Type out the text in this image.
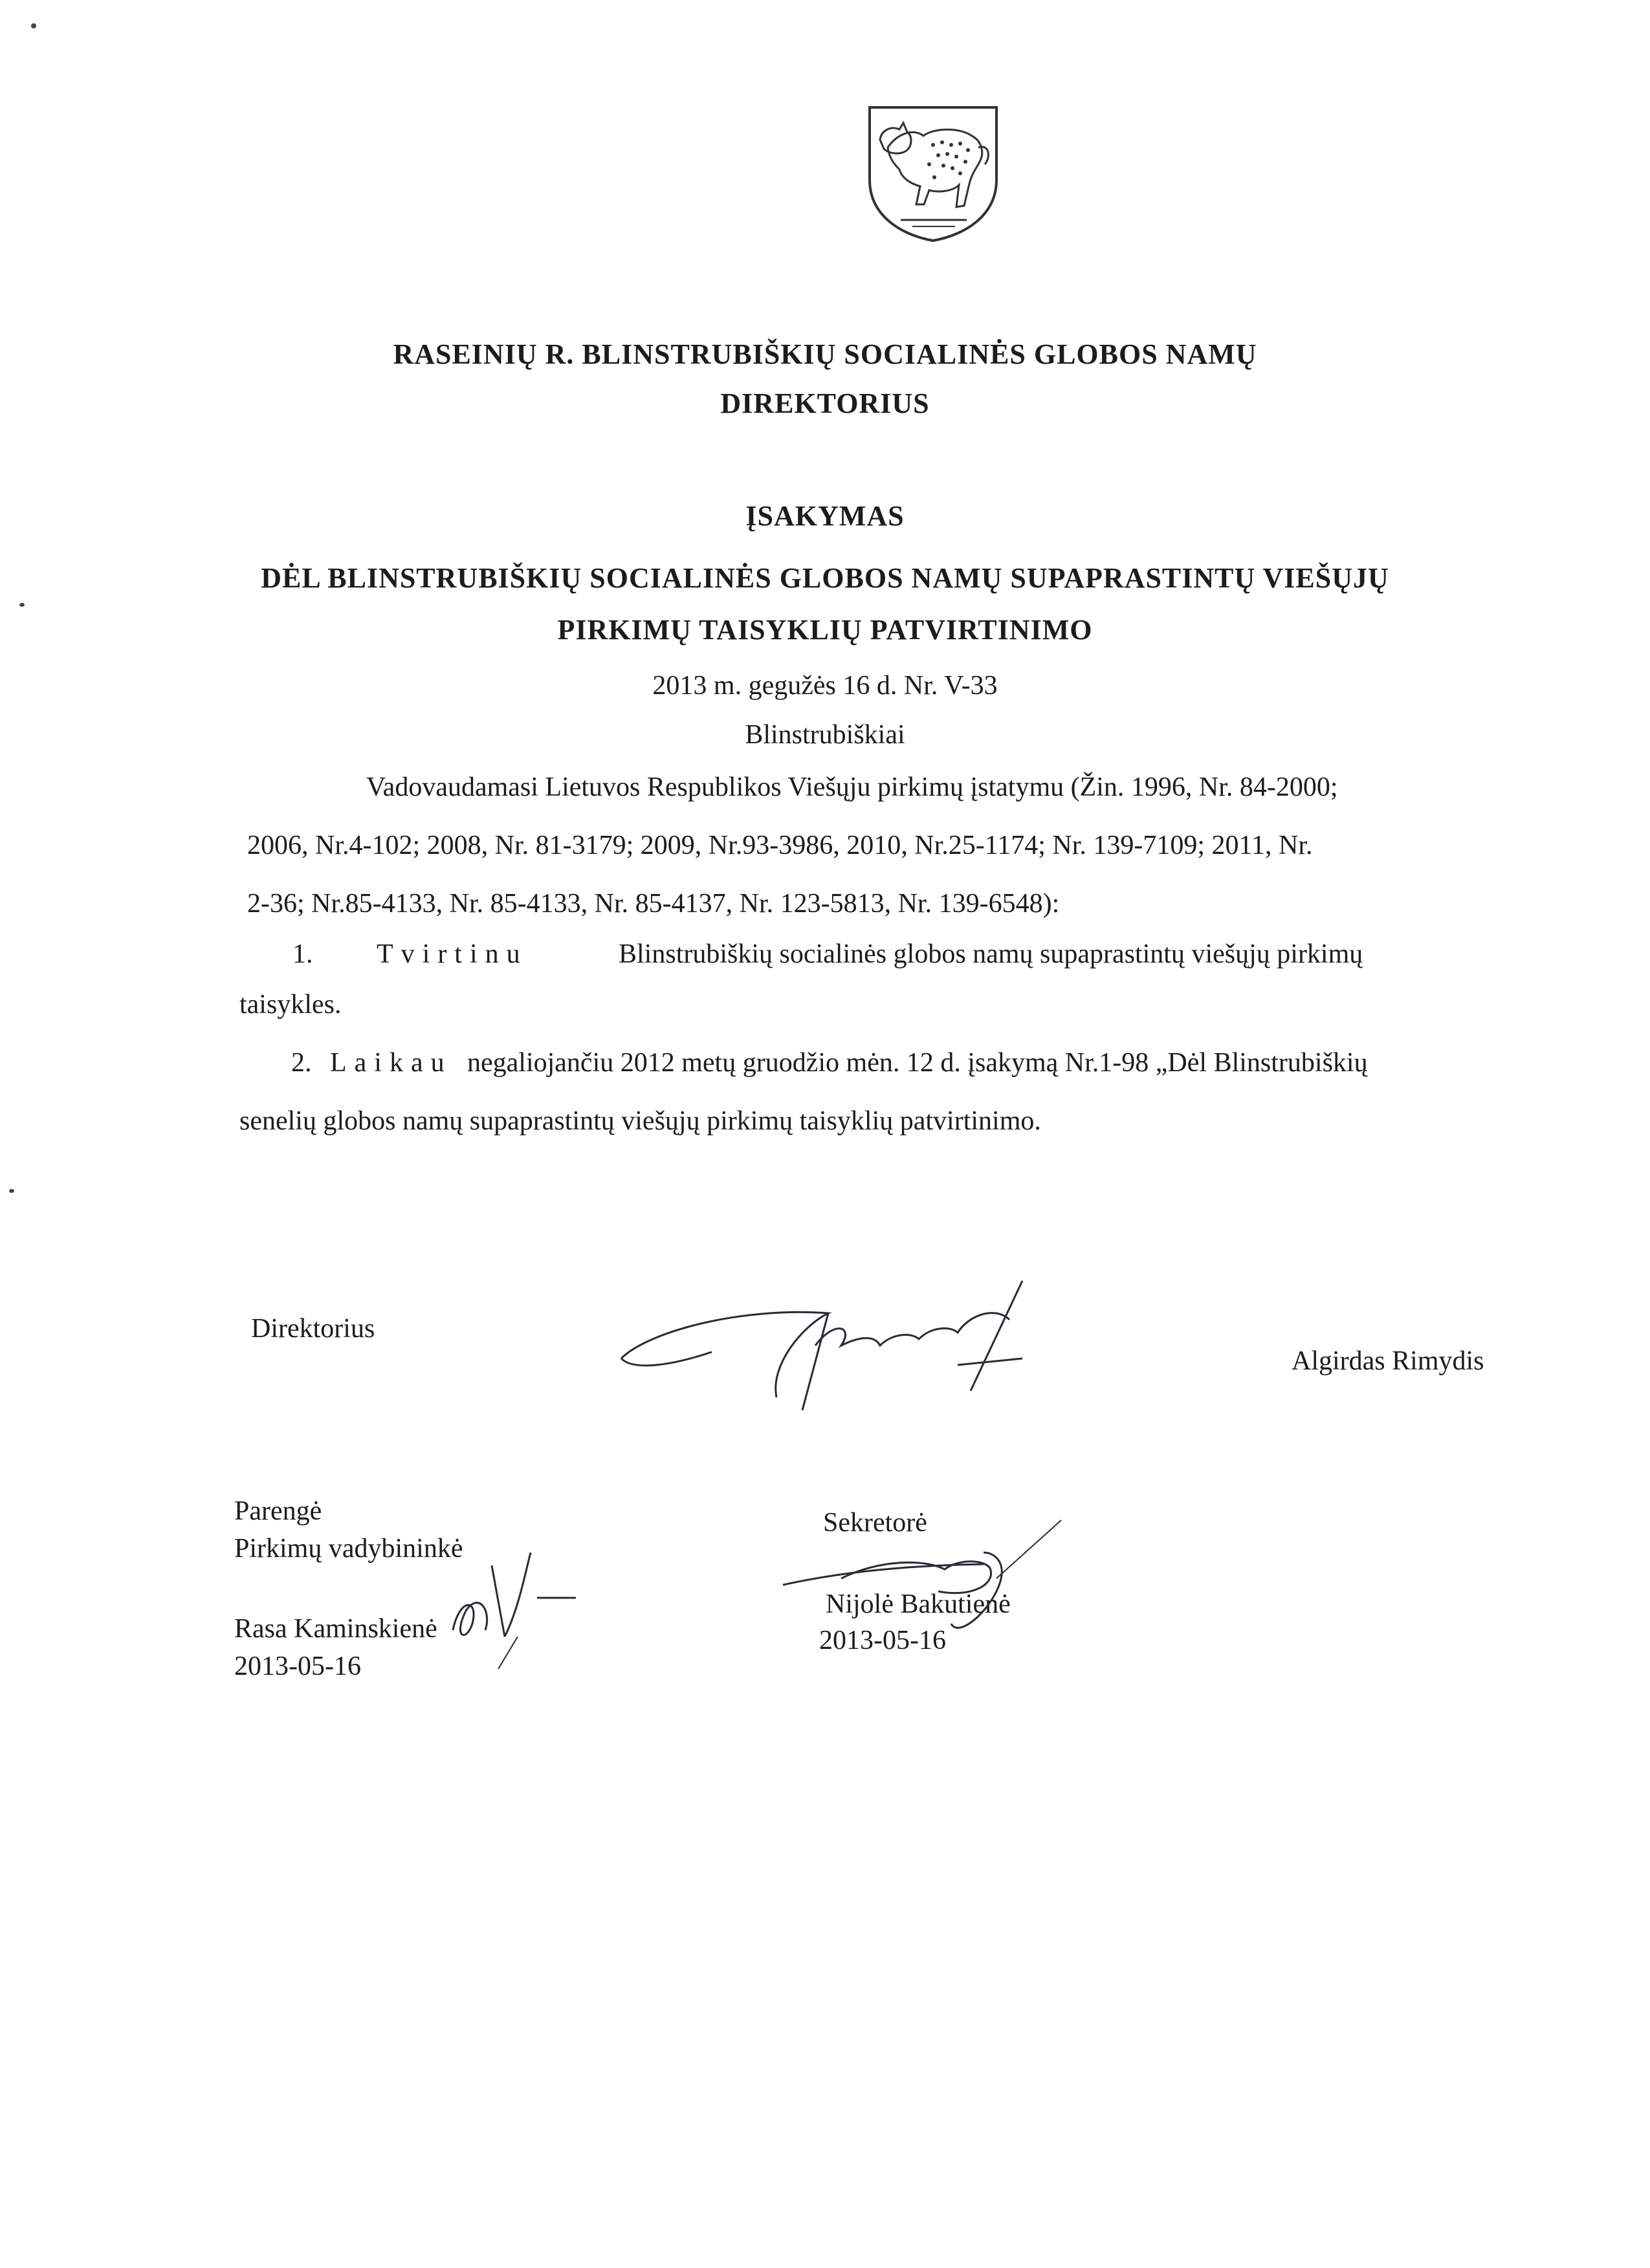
RASEINIŲ R. BLINSTRUBIŠKIŲ SOCIALINĖS GLOBOS NAMŲ
DIREKTORIUS
ĮSAKYMAS
DĖL BLINSTRUBIŠKIŲ SOCIALINĖS GLOBOS NAMŲ SUPAPRASTINTŲ VIEŠŲJŲ
PIRKIMŲ TAISYKLIŲ PATVIRTINIMO
2013 m. gegužės 16 d. Nr. V-33
Blinstrubiškiai
Vadovaudamasi Lietuvos Respublikos Viešųju pirkimų įstatymu (Žin. 1996, Nr. 84-2000;
2006, Nr.4-102; 2008, Nr. 81-3179; 2009, Nr.93-3986, 2010, Nr.25-1174; Nr. 139-7109; 2011, Nr.
2-36; Nr.85-4133, Nr. 85-4133, Nr. 85-4137, Nr. 123-5813, Nr. 139-6548):
1. Tvirtinu	Blinstrubiškių socialinės globos namų supaprastintų viešųjų pirkimų
taisykles.
2. Laikau negaliojančiu 2012 metų gruodžio mėn. 12 d. įsakymą Nr.1-98 „Dėl Blinstrubiškių
senelių globos namų supaprastintų viešųjų pirkimų taisyklių patvirtinimo.
Direktorius
Algirdas Rimydis
Parengė
Pirkimų vadybininkė
Rasa Kaminskienė
2013-05-16
Sekretorė
Nijolė Bakutienė
2013-05-16
